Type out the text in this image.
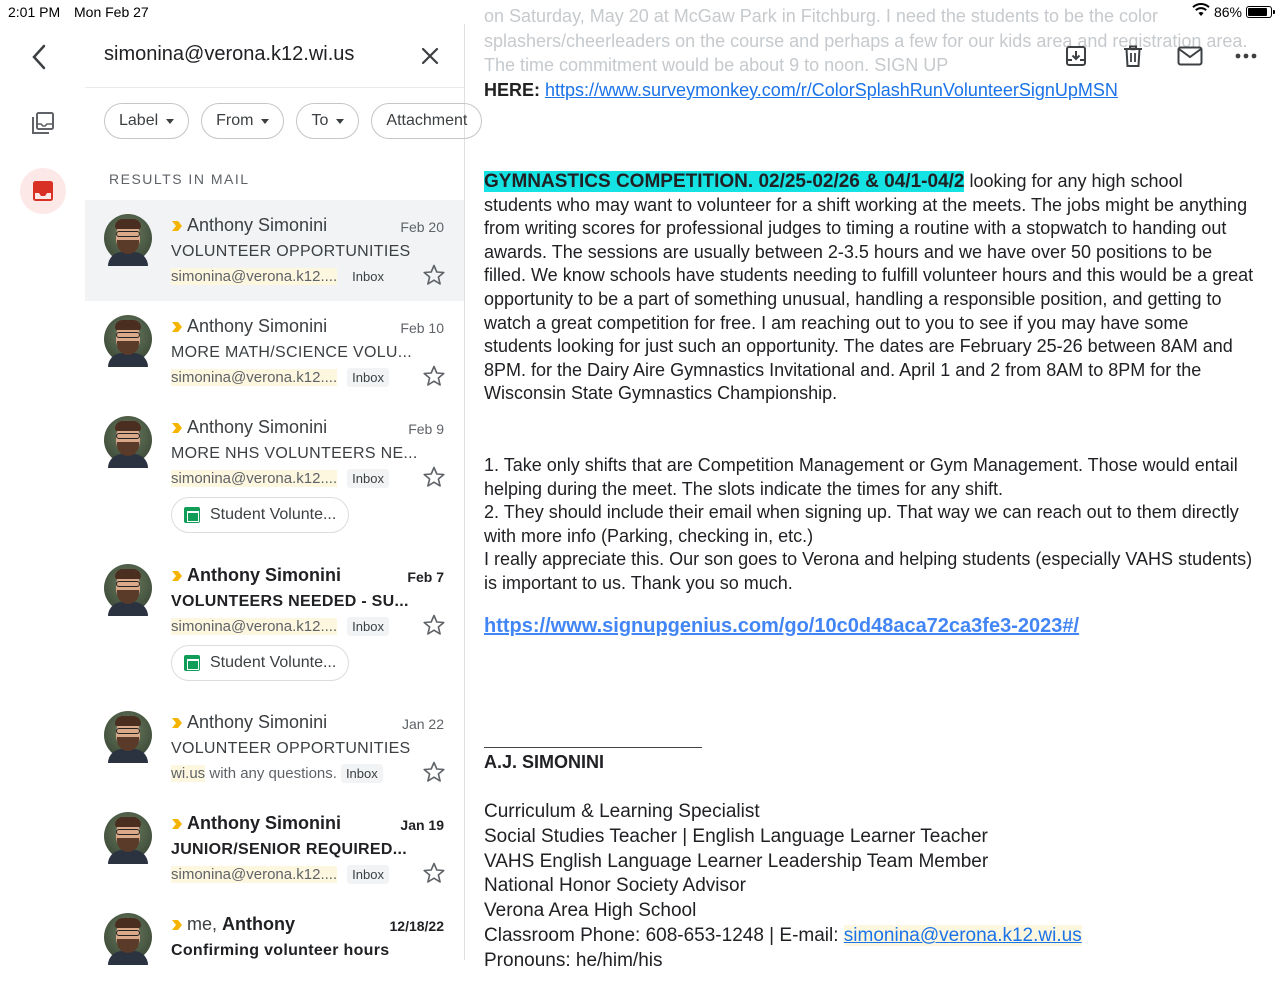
2:01 PM Mon Feb 27	86%
simonina@verona.k12.wi.us
Label	From	To	Attachment
RESULTS IN MAIL
Anthony Simonini	Feb 20
VOLUNTEER OPPORTUNITIES
simonina@verona.k12....	Inbox
Anthony Simonini	Feb 10
MORE MATH/SCIENCE VOLU...
simonina@verona.k12....	Inbox
Anthony Simonini	Feb 9
MORE NHS VOLUNTEERS NE...
simonina@verona.k12....	Inbox
Student Volunte...
Anthony Simonini	Feb 7
VOLUNTEERS NEEDED - SU...
simonina@verona.k12....	Inbox
Student Volunte...
Anthony Simonini	Jan 22
VOLUNTEER OPPORTUNITIES
wi.us with any questions. Inbox
Anthony Simonini	Jan 19
JUNIOR/SENIOR REQUIRED...
simonina@verona.k12....	Inbox
me, Anthony	12/18/22
Confirming volunteer hours
on Saturday, May 20 at McGaw Park in Fitchburg. I need the students to be the color splashers/cheerleaders on the course and perhaps a few for our kids area and registration area. The time commitment would be about 9 to noon. SIGN UP
HERE: https://www.surveymonkey.com/r/ColorSplashRunVolunteerSignUpMSN
GYMNASTICS COMPETITION. 02/25-02/26 & 04/1-04/2 looking for any high school students who may want to volunteer for a shift working at the meets. The jobs might be anything from writing scores for professional judges to timing a routine with a stopwatch to handing out awards. The sessions are usually between 2-3.5 hours and we have over 50 positions to be filled. We know schools have students needing to fulfill volunteer hours and this would be a great opportunity to be a part of something unusual, handling a responsible position, and getting to watch a great competition for free. I am reaching out to you to see if you may have some students looking for just such an opportunity. The dates are February 25-26 between 8AM and 8PM. for the Dairy Aire Gymnastics Invitational and. April 1 and 2 from 8AM to 8PM for the Wisconsin State Gymnastics Championship.
1. Take only shifts that are Competition Management or Gym Management. Those would entail helping during the meet. The slots indicate the times for any shift.
2. They should include their email when signing up. That way we can reach out to them directly with more info (Parking, checking in, etc.)
I really appreciate this. Our son goes to Verona and helping students (especially VAHS students) is important to us. Thank you so much.
https://www.signupgenius.com/go/10c0d48aca72ca3fe3-2023#/
A.J. SIMONINI
Curriculum & Learning Specialist
Social Studies Teacher | English Language Learner Teacher
VAHS English Language Learner Leadership Team Member
National Honor Society Advisor
Verona Area High School
Classroom Phone: 608-653-1248 | E-mail: simonina@verona.k12.wi.us
Pronouns: he/him/his
